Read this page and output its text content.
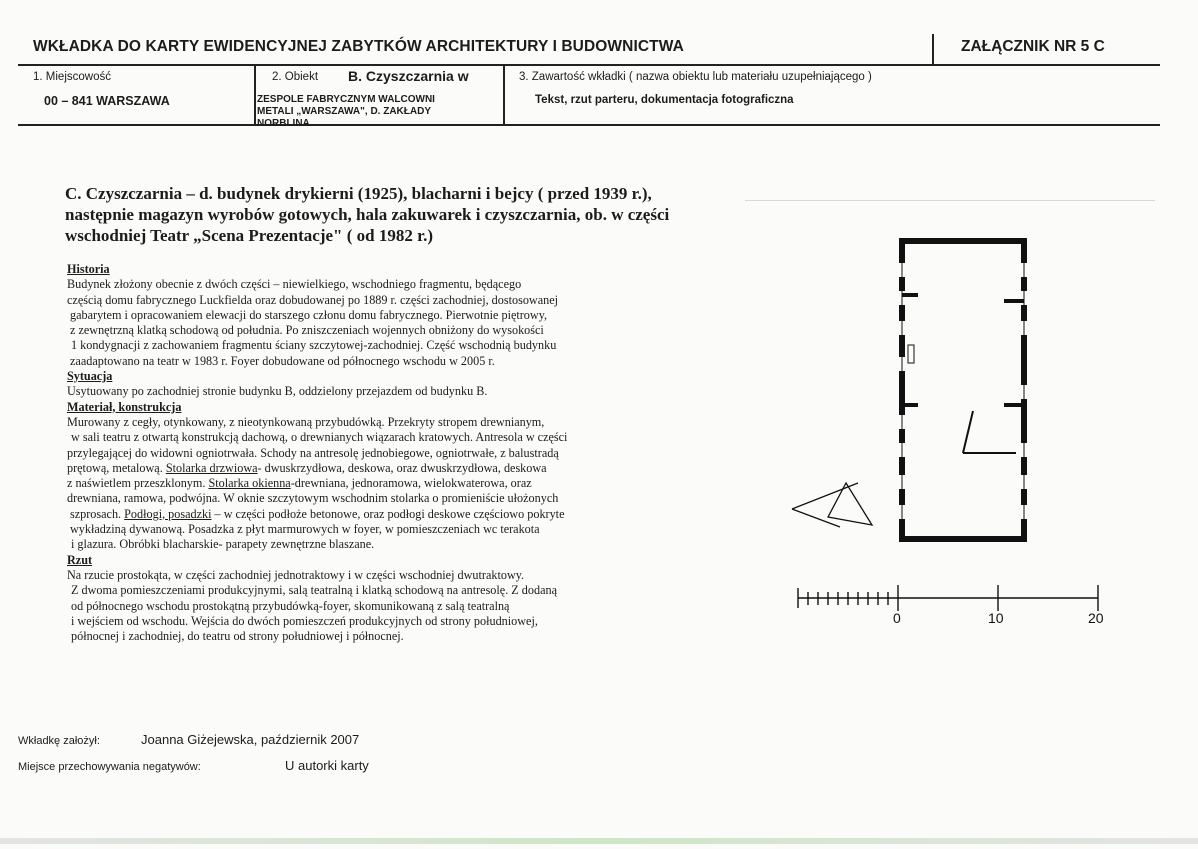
WKŁADKA DO KARTY EWIDENCYJNEJ ZABYTKÓW ARCHITEKTURY I BUDOWNICTWA	ZAŁĄCZNIK NR 5 C
1. Miejscowość
00 – 841 WARSZAWA
2. Obiekt B. Czyszczarnia w
ZESPOLE FABRYCZNYM WALCOWNI
METALI „WARSZAWA", D. ZAKŁADY
NORBLINA
3. Zawartość wkładki ( nazwa obiektu lub materiału uzupełniającego )
Tekst, rzut parteru, dokumentacja fotograficzna
C. Czyszczarnia – d. budynek drykierni (1925), blacharni i bejcy ( przed 1939 r.),
następnie magazyn wyrobów gotowych, hala zakuwarek i czyszczarnia, ob. w części
wschodniej Teatr „Scena Prezentacje" ( od 1982 r.)
Historia
Budynek złożony obecnie z dwóch części – niewielkiego, wschodniego fragmentu, będącego
częścią domu fabrycznego Luckfielda oraz dobudowanej po 1889 r. części zachodniej, dostosowanej
gabarytem i opracowaniem elewacji do starszego członu domu fabrycznego. Pierwotnie piętrowy,
z zewnętrzną klatką schodową od południa. Po zniszczeniach wojennych obniżony do wysokości
1 kondygnacji z zachowaniem fragmentu ściany szczytowej-zachodniej. Część wschodnią budynku
zaadaptowano na teatr w 1983 r. Foyer dobudowane od północnego wschodu w 2005 r.
Sytuacja
Usytuowany po zachodniej stronie budynku B, oddzielony przejazdem od budynku B.
Materiał, konstrukcja
Murowany z cegły, otynkowany, z nieotynkowaną przybudówką. Przekryty stropem drewnianym,
w sali teatru z otwartą konstrukcją dachową, o drewnianych wiązarach kratowych. Antresola w części
przylegającej do widowni ogniotrwała. Schody na antresolę jednobiegowe, ogniotrwałe, z balustradą
prętową, metalową. Stolarka drzwiowa- dwuskrzydłowa, deskowa, oraz dwuskrzydłowa, deskowa
z naświetlem przeszklonym. Stolarka okienna-drewniana, jednoramowa, wielokwaterowa, oraz
drewniana, ramowa, podwójna. W oknie szczytowym wschodnim stolarka o promieniście ułożonych
szprosach. Podłogi, posadzki – w części podłoże betonowe, oraz podłogi deskowe częściowo pokryte
wykładziną dywanową. Posadzka z płyt marmurowych w foyer, w pomieszczeniach wc terakota
i glazura. Obróbki blacharskie- parapety zewnętrzne blaszane.
Rzut
Na rzucie prostokąta, w części zachodniej jednotraktowy i w części wschodniej dwutraktowy.
Z dwoma pomieszczeniami produkcyjnymi, salą teatralną i klatką schodową na antresolę. Z dodaną
od północnego wschodu prostokątną przybudówką-foyer, skomunikowaną z salą teatralną
i wejściem od wschodu. Wejścia do dwóch pomieszczeń produkcyjnych od strony południowej,
północnej i zachodniej, do teatru od strony południowej i północnej.
0	10	20
Wkładkę założył:	Joanna Giżejewska, październik 2007
Miejsce przechowywania negatywów:	U autorki karty
